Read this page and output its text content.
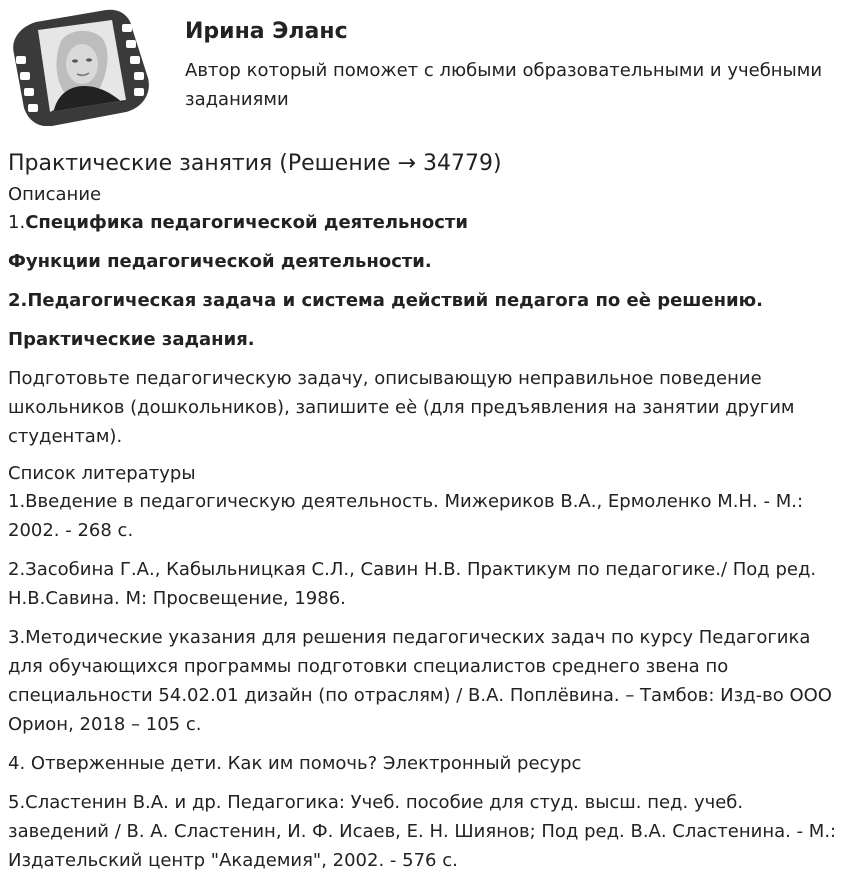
Ирина Эланс
Автор который поможет с любыми образовательными и учебными заданиями
Практические занятия (Решение → 34779)
Описание

1.Специфика педагогической деятельности

Функции педагогической деятельности.

2.Педагогическая задача и система действий педагога по еѐ решению.

Практические задания.

Подготовьте педагогическую задачу, описывающую неправильное поведение школьников (дошкольников), запишите еѐ (для предъявления на занятии другим студентам).

Список литературы

1.Введение в педагогическую деятельность. Мижериков В.А., Ермоленко М.Н. - М.: 2002. - 268 с.

2.Засобина Г.А., Кабыльницкая С.Л., Савин Н.В. Практикум по педагогике./ Под ред. Н.В.Савина. М: Просвещение, 1986.

3.Методические указания для решения педагогических задач по курсу Педагогика для обучающихся программы подготовки специалистов среднего звена по специальности 54.02.01 дизайн (по отраслям) / В.А. Поплёвина. – Тамбов: Изд-во ООО Орион, 2018 – 105 с.

4. Отверженные дети. Как им помочь? Электронный ресурс

5.Сластенин В.А. и др. Педагогика: Учеб. пособие для студ. высш. пед. учеб. заведений / В. А. Сластенин, И. Ф. Исаев, Е. Н. Шиянов; Под ред. В.А. Сластенина. - М.: Издательский центр "Академия", 2002. - 576 с.
